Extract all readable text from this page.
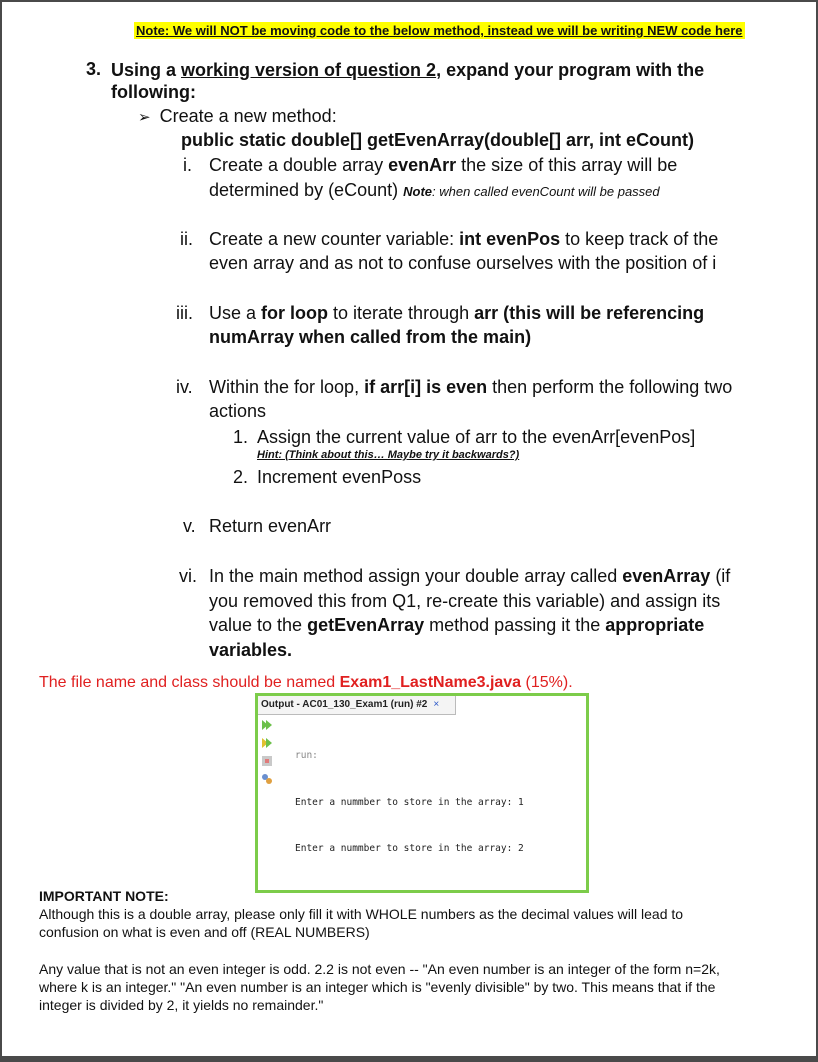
Note: We will NOT be moving code to the below method, instead we will be writing NEW code here
3. Using a working version of question 2, expand your program with the
following:
➢ Create a new method:
public static double[] getEvenArray(double[] arr, int eCount)
i. Create a double array evenArr the size of this array will be
determined by (eCount) Note: when called evenCount will be passed
ii. Create a new counter variable: int evenPos to keep track of the
even array and as not to confuse ourselves with the position of i
iii. Use a for loop to iterate through arr (this will be referencing
numArray when called from the main)
iv. Within the for loop, if arr[i] is even then perform the following two
actions
1. Assign the current value of arr to the evenArr[evenPos]
Hint: (Think about this… Maybe try it backwards?)
2. Increment evenPoss
v. Return evenArr
vi. In the main method assign your double array called evenArray (if
you removed this from Q1, re-create this variable) and assign its
value to the getEvenArray method passing it the appropriate
variables.
The file name and class should be named Exam1_LastName3.java (15%).
Output - AC01_130_Exam1 (run) #2 ×

run:

Enter a nummber to store in the array: 1

Enter a nummber to store in the array: 2

IMPORTANT NOTE:
Although this is a double array, please only fill it with WHOLE numbers as the decimal values will lead to
confusion on what is even and off (REAL NUMBERS)
Any value that is not an even integer is odd. 2.2 is not even -- "An even number is an integer of the form n=2k,
where k is an integer." "An even number is an integer which is "evenly divisible" by two. This means that if the
integer is divided by 2, it yields no remainder."
